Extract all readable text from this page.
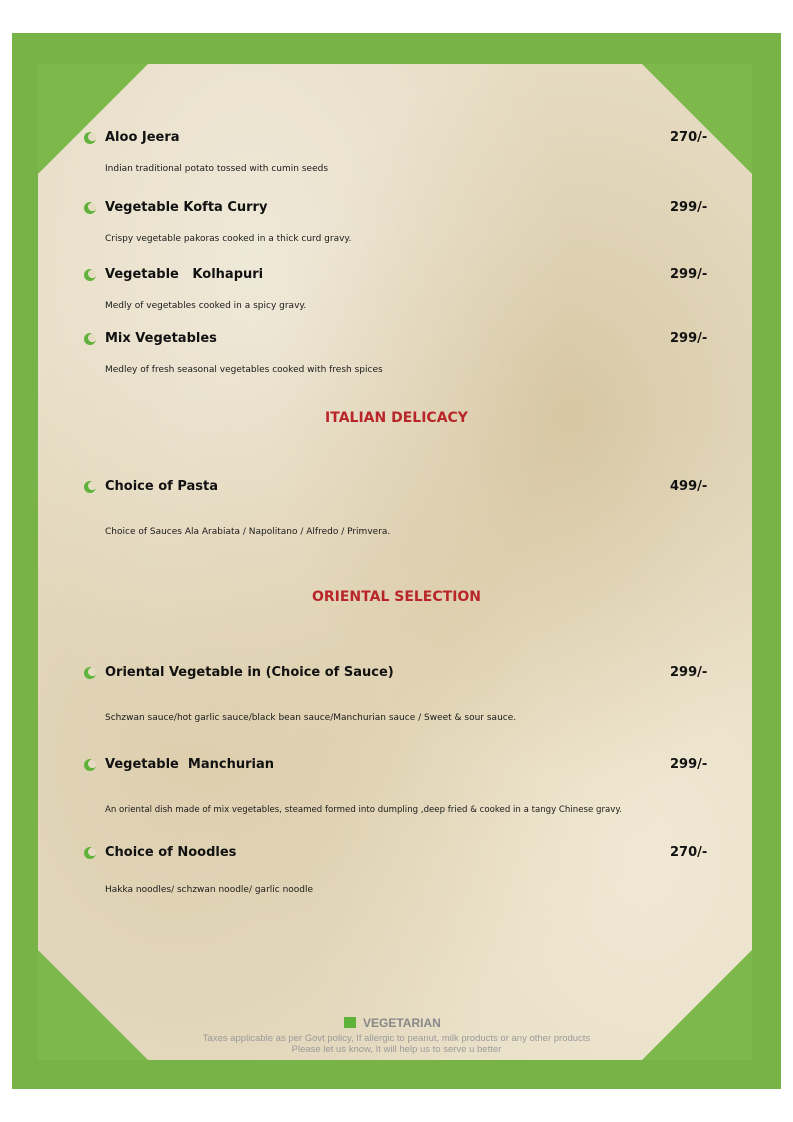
Aloo Jeera	270/-
Indian traditional potato tossed with cumin seeds
Vegetable Kofta Curry	299/-
Crispy vegetable pakoras cooked in a thick curd gravy.
Vegetable   Kolhapuri	299/-
Medly of vegetables cooked in a spicy gravy.
Mix Vegetables	299/-
Medley of fresh seasonal vegetables cooked with fresh spices
ITALIAN DELICACY
Choice of Pasta	499/-
Choice of Sauces Ala Arabiata / Napolitano / Alfredo / Primvera.
ORIENTAL SELECTION
Oriental Vegetable in (Choice of Sauce)	299/-
Schzwan sauce/hot garlic sauce/black bean sauce/Manchurian sauce / Sweet & sour sauce.
Vegetable  Manchurian	299/-
An oriental dish made of mix vegetables, steamed formed into dumpling ,deep fried & cooked in a tangy Chinese gravy.
Choice of Noodles	270/-
Hakka noodles/ schzwan noodle/ garlic noodle
VEGETARIAN
Taxes applicable as per Govt policy, If allergic to peanut, milk products or any other products
Please let us know, It will help us to serve u better
